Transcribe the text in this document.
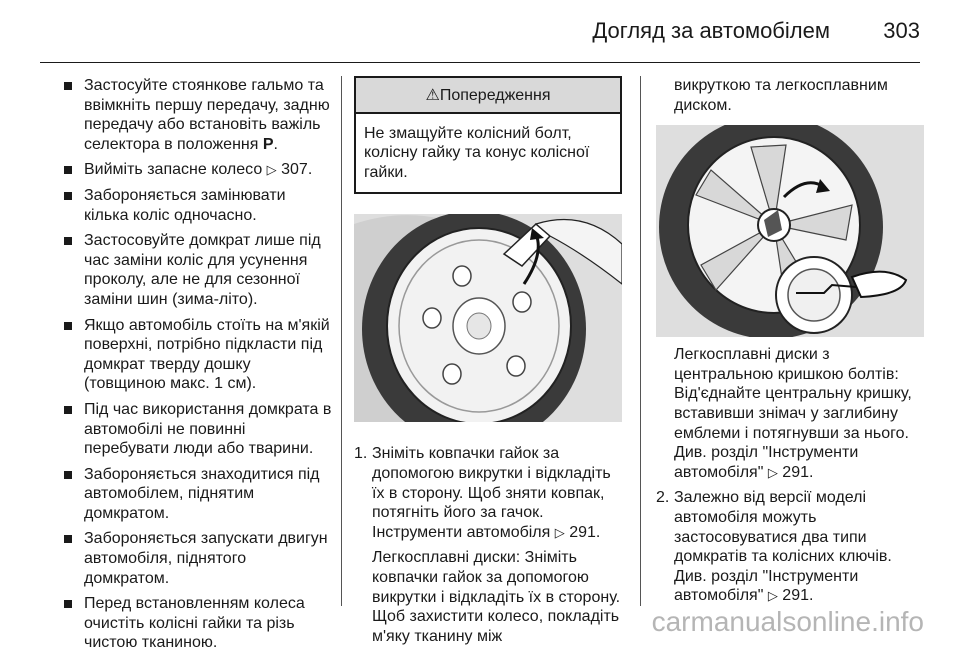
Догляд за автомобілем 303
Застосуйте стоянкове гальмо та ввімкніть першу передачу, задню передачу або встановіть важіль селектора в положення P.
Вийміть запасне колесо ▷ 307.
Забороняється замінювати кілька коліс одночасно.
Застосовуйте домкрат лише під час заміни коліс для усунення проколу, але не для сезонної заміни шин (зима-літо).
Якщо автомобіль стоїть на м'якій поверхні, потрібно підкласти під домкрат тверду дошку (товщиною макс. 1 см).
Під час використання домкрата в автомобілі не повинні перебувати люди або тварини.
Забороняється знаходитися під автомобілем, піднятим домкратом.
Забороняється запускати двигун автомобіля, піднятого домкратом.
Перед встановленням колеса очистіть колісні гайки та різь чистою тканиною.
⚠Попередження
Не змащуйте колісний болт, колісну гайку та конус колісної гайки.
1. Зніміть ковпачки гайок за допомогою викрутки і відкладіть їх в сторону. Щоб зняти ковпак, потягніть його за гачок. Інструменти автомобіля ▷ 291.
Легкосплавні диски: Зніміть ковпачки гайок за допомогою викрутки і відкладіть їх в сторону. Щоб захистити колесо, покладіть м'яку тканину між
викруткою та легкосплавним диском.
Легкосплавні диски з центральною кришкою болтів: Від'єднайте центральну кришку, вставивши знімач у заглибину емблеми і потягнувши за нього. Див. розділ "Інструменти автомобіля" ▷ 291.
2. Залежно від версії моделі автомобіля можуть застосовуватися два типи домкратів та колісних ключів. Див. розділ "Інструменти автомобіля" ▷ 291.
carmanualsonline.info
